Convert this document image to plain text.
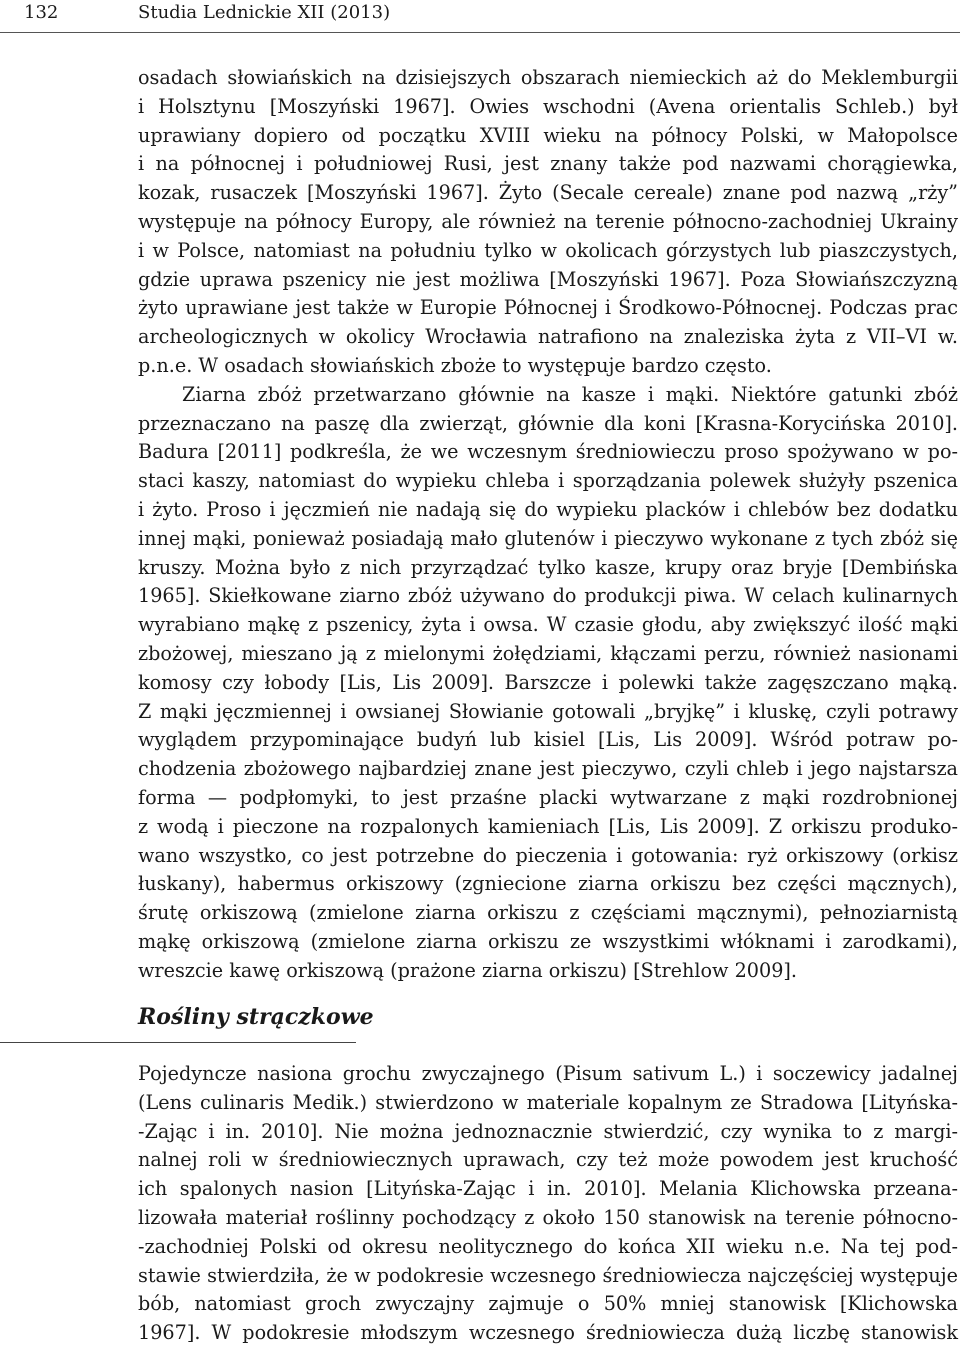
132	Studia Lednickie XII (2013)
osadach słowiańskich na dzisiejszych obszarach niemieckich aż do Meklemburgii
i Holsztynu [Moszyński 1967]. Owies wschodni (Avena orientalis Schleb.) był
uprawiany dopiero od początku XVIII wieku na północy Polski, w Małopolsce
i na północnej i południowej Rusi, jest znany także pod nazwami chorągiewka,
kozak, rusaczek [Moszyński 1967]. Żyto (Secale cereale) znane pod nazwą „rży”
występuje na północy Europy, ale również na terenie północno-zachodniej Ukrainy
i w Polsce, natomiast na południu tylko w okolicach górzystych lub piaszczystych,
gdzie uprawa pszenicy nie jest możliwa [Moszyński 1967]. Poza Słowiańszczyzną
żyto uprawiane jest także w Europie Północnej i Środkowo-Północnej. Podczas prac
archeologicznych w okolicy Wrocławia natrafiono na znaleziska żyta z VII–VI w.
p.n.e. W osadach słowiańskich zboże to występuje bardzo często.
Ziarna zbóż przetwarzano głównie na kasze i mąki. Niektóre gatunki zbóż
przeznaczano na paszę dla zwierząt, głównie dla koni [Krasna-Korycińska 2010].
Badura [2011] podkreśla, że we wczesnym średniowieczu proso spożywano w po-
staci kaszy, natomiast do wypieku chleba i sporządzania polewek służyły pszenica
i żyto. Proso i jęczmień nie nadają się do wypieku placków i chlebów bez dodatku
innej mąki, ponieważ posiadają mało glutenów i pieczywo wykonane z tych zbóż się
kruszy. Można było z nich przyrządzać tylko kasze, krupy oraz bryje [Dembińska
1965]. Skiełkowane ziarno zbóż używano do produkcji piwa. W celach kulinarnych
wyrabiano mąkę z pszenicy, żyta i owsa. W czasie głodu, aby zwiększyć ilość mąki
zbożowej, mieszano ją z mielonymi żołędziami, kłączami perzu, również nasionami
komosy czy łobody [Lis, Lis 2009]. Barszcze i polewki także zagęszczano mąką.
Z mąki jęczmiennej i owsianej Słowianie gotowali „bryjkę” i kluskę, czyli potrawy
wyglądem przypominające budyń lub kisiel [Lis, Lis 2009]. Wśród potraw po-
chodzenia zbożowego najbardziej znane jest pieczywo, czyli chleb i jego najstarsza
forma — podpłomyki, to jest przaśne placki wytwarzane z mąki rozdrobnionej
z wodą i pieczone na rozpalonych kamieniach [Lis, Lis 2009]. Z orkiszu produko-
wano wszystko, co jest potrzebne do pieczenia i gotowania: ryż orkiszowy (orkisz
łuskany), habermus orkiszowy (zgniecione ziarna orkiszu bez części mącznych),
śrutę orkiszową (zmielone ziarna orkiszu z częściami mącznymi), pełnoziarnistą
mąkę orkiszową (zmielone ziarna orkiszu ze wszystkimi włóknami i zarodkami),
wreszcie kawę orkiszową (prażone ziarna orkiszu) [Strehlow 2009].
Rośliny strączkowe
Pojedyncze nasiona grochu zwyczajnego (Pisum sativum L.) i soczewicy jadalnej
(Lens culinaris Medik.) stwierdzono w materiale kopalnym ze Stradowa [Lityńska-
-Zając i in. 2010]. Nie można jednoznacznie stwierdzić, czy wynika to z margi-
nalnej roli w średniowiecznych uprawach, czy też może powodem jest kruchość
ich spalonych nasion [Lityńska-Zając i in. 2010]. Melania Klichowska przeana-
lizowała materiał roślinny pochodzący z około 150 stanowisk na terenie północno-
-zachodniej Polski od okresu neolitycznego do końca XII wieku n.e. Na tej pod-
stawie stwierdziła, że w podokresie wczesnego średniowiecza najczęściej występuje
bób, natomiast groch zwyczajny zajmuje o 50% mniej stanowisk [Klichowska
1967]. W podokresie młodszym wczesnego średniowiecza dużą liczbę stanowisk
